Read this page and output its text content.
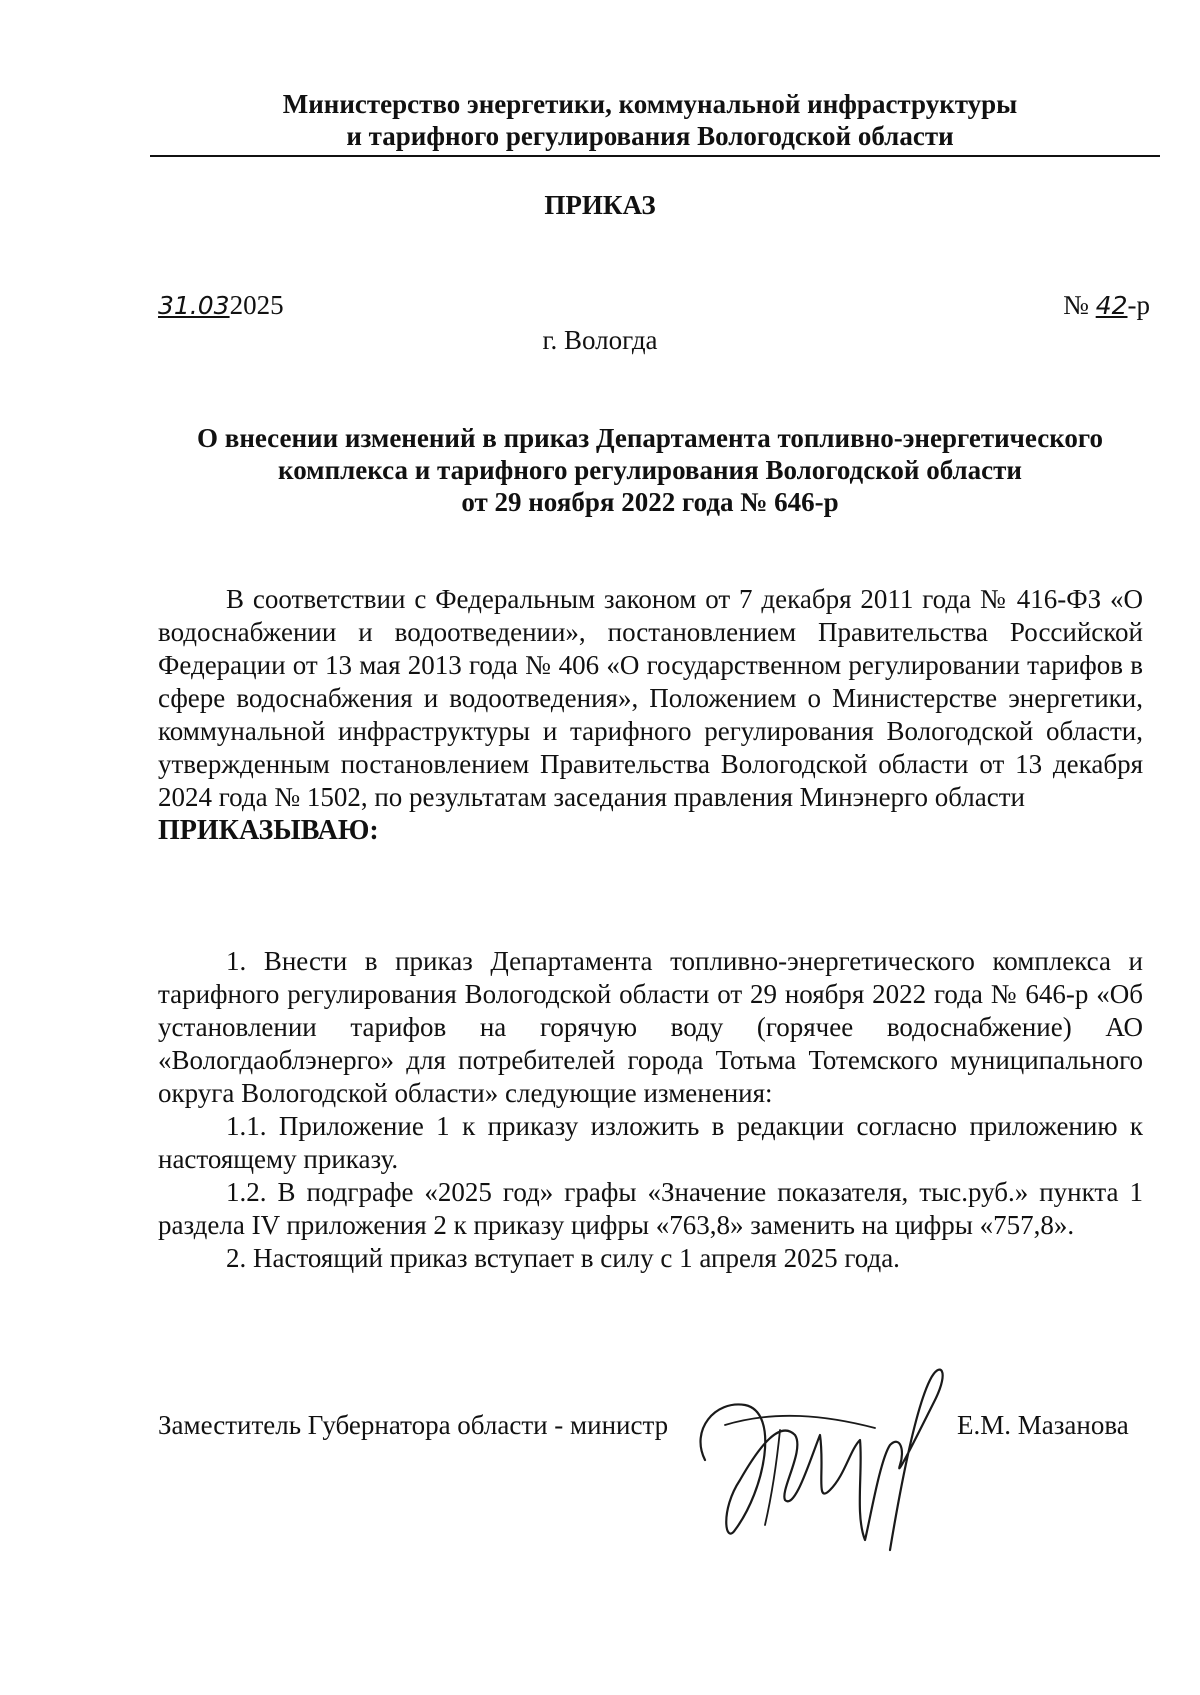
Министерство энергетики, коммунальной инфраструктуры
и тарифного регулирования Вологодской области
ПРИКАЗ
31.032025	№ 42-р
г. Вологда
О внесении изменений в приказ Департамента топливно-энергетического
комплекса и тарифного регулирования Вологодской области
от 29 ноября 2022 года № 646-р

В соответствии с Федеральным законом от 7 декабря 2011 года № 416-ФЗ «О водоснабжении и водоотведении», постановлением Правительства Российской Федерации от 13 мая 2013 года № 406 «О государственном регулировании тарифов в сфере водоснабжения и водоотведения», Положением о Министерстве энергетики, коммунальной инфраструктуры и тарифного регулирования Вологодской области, утвержденным постановлением Правительства Вологодской области от 13 декабря 2024 года № 1502, по результатам заседания правления Минэнерго области

ПРИКАЗЫВАЮ:

1. Внести в приказ Департамента топливно-энергетического комплекса и тарифного регулирования Вологодской области от 29 ноября 2022 года № 646-р «Об установлении тарифов на горячую воду (горячее водоснабжение) АО «Вологдаоблэнерго» для потребителей города Тотьма Тотемского муниципального округа Вологодской области» следующие изменения:

1.1. Приложение 1 к приказу изложить в редакции согласно приложению к настоящему приказу.

1.2. В подграфе «2025 год» графы «Значение показателя, тыс.руб.» пункта 1 раздела IV приложения 2 к приказу цифры «763,8» заменить на цифры «757,8».

2. Настоящий приказ вступает в силу с 1 апреля 2025 года.

Заместитель Губернатора области - министр	Е.М. Мазанова
